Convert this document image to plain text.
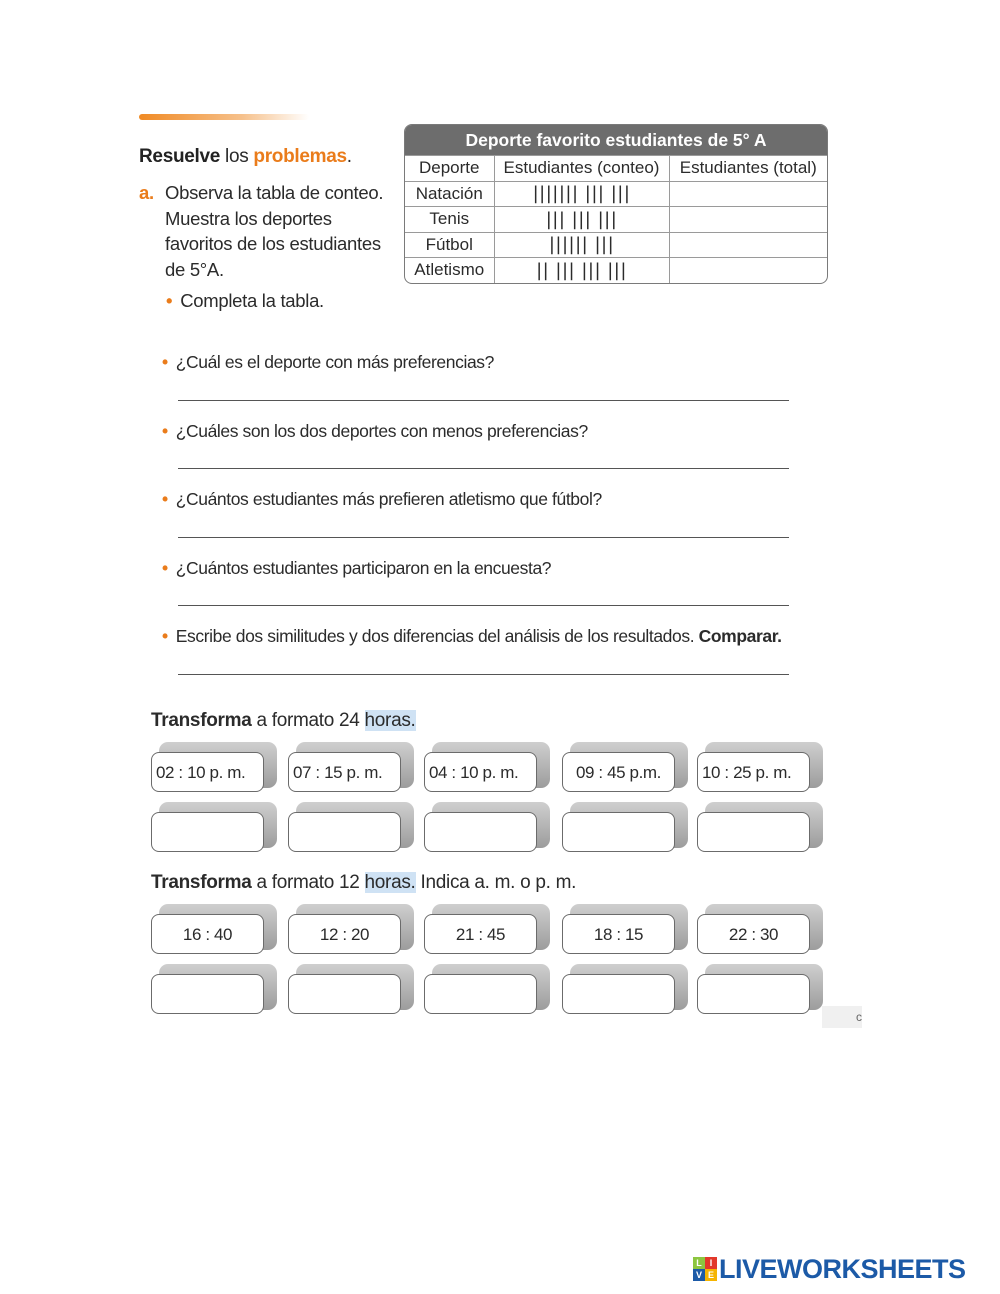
Resuelve los problemas.
a. Observa la tabla de conteo.
Muestra los deportes
favoritos de los estudiantes
de 5°A.
• Completa la tabla.
Deporte favorito estudiantes de 5° A
Deporte	Estudiantes (conteo)	Estudiantes (total)
Natación	||||||| ||| |||	
Tenis	||| ||| |||	
Fútbol	|||||| |||	
Atletismo	|| ||| ||| |||	
• ¿Cuál es el deporte con más preferencias?
• ¿Cuáles son los dos deportes con menos preferencias?
• ¿Cuántos estudiantes más prefieren atletismo que fútbol?
• ¿Cuántos estudiantes participaron en la encuesta?
• Escribe dos similitudes y dos diferencias del análisis de los resultados. Comparar.
Transforma a formato 24 horas.
02 : 10 p. m.	07 : 15 p. m.	04 : 10 p. m.	09 : 45 p.m.	10 : 25 p. m.
Transforma a formato 12 horas. Indica a. m. o p. m.
16 : 40	12 : 20	21 : 45	18 : 15	22 : 30
c
L I
V E LIVEWORKSHEETS
